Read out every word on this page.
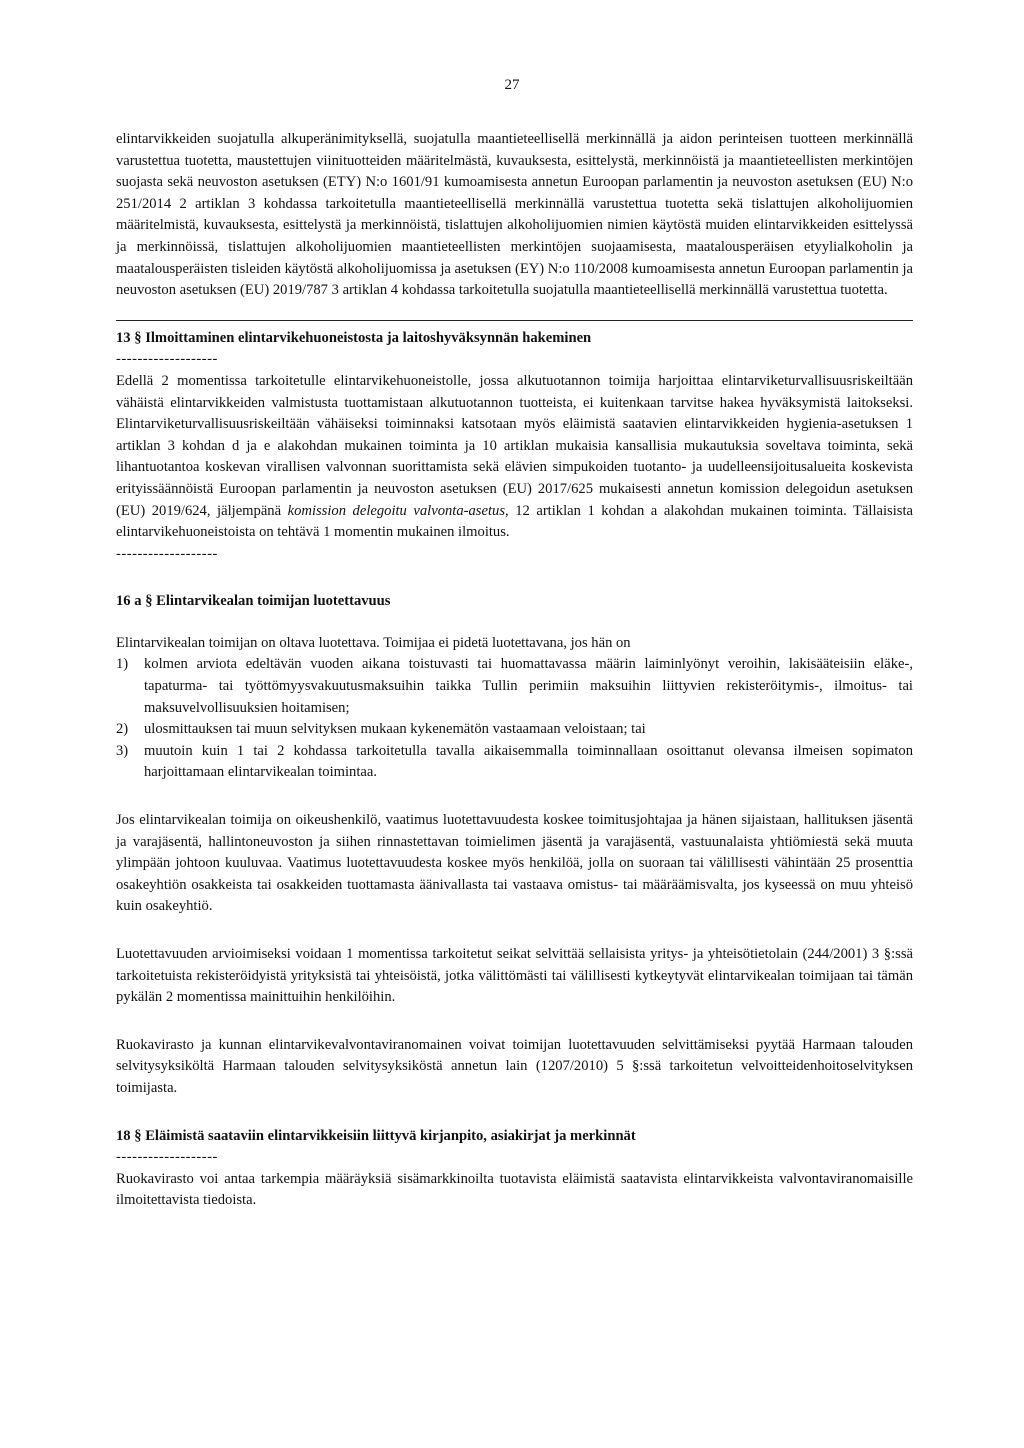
27

elintarvikkeiden suojatulla alkuperänimityksellä, suojatulla maantieteellisellä merkinnällä ja aidon perinteisen tuotteen merkinnällä varustettua tuotetta, maustettujen viinituotteiden määritelmästä, kuvauksesta, esittelystä, merkinnöistä ja maantieteellisten merkintöjen suojasta sekä neuvoston asetuksen (ETY) N:o 1601/91 kumoamisesta annetun Euroopan parlamentin ja neuvoston asetuksen (EU) N:o 251/2014 2 artiklan 3 kohdassa tarkoitetulla maantieteellisellä merkinnällä varustettua tuotetta sekä tislattujen alkoholijuomien määritelmistä, kuvauksesta, esittelystä ja merkinnöistä, tislattujen alkoholijuomien nimien käytöstä muiden elintarvikkeiden esittelyssä ja merkinnöissä, tislattujen alkoholijuomien maantieteellisten merkintöjen suojaamisesta, maatalousperäisen etyylialkoholin ja maatalousperäisten tisleiden käytöstä alkoholijuomissa ja asetuksen (EY) N:o 110/2008 kumoamisesta annetun Euroopan parlamentin ja neuvoston asetuksen (EU) 2019/787 3 artiklan 4 kohdassa tarkoitetulla suojatulla maantieteellisellä merkinnällä varustettua tuotetta.

13 § Ilmoittaminen elintarvikehuoneistosta ja laitoshyväksynnän hakeminen

-------------------

Edellä 2 momentissa tarkoitetulle elintarvikehuoneistolle, jossa alkutuotannon toimija harjoittaa elintarviketurvallisuusriskeiltään vähäistä elintarvikkeiden valmistusta tuottamistaan alkutuotannon tuotteista, ei kuitenkaan tarvitse hakea hyväksymistä laitokseksi. Elintarviketurvallisuusriskeiltään vähäiseksi toiminnaksi katsotaan myös eläimistä saatavien elintarvikkeiden hygienia-asetuksen 1 artiklan 3 kohdan d ja e alakohdan mukainen toiminta ja 10 artiklan mukaisia kansallisia mukautuksia soveltava toiminta, sekä lihantuotantoa koskevan virallisen valvonnan suorittamista sekä elävien simpukoiden tuotanto- ja uudelleensijoitusalueita koskevista erityissäännöistä Euroopan parlamentin ja neuvoston asetuksen (EU) 2017/625 mukaisesti annetun komission delegoidun asetuksen (EU) 2019/624, jäljempänä komission delegoitu valvonta-asetus, 12 artiklan 1 kohdan a alakohdan mukainen toiminta. Tällaisista elintarvikehuoneistoista on tehtävä 1 momentin mukainen ilmoitus.

-------------------

16 a § Elintarvikealan toimijan luotettavuus

Elintarvikealan toimijan on oltava luotettava. Toimijaa ei pidetä luotettavana, jos hän on

1)	kolmen arviota edeltävän vuoden aikana toistuvasti tai huomattavassa määrin laiminlyönyt veroihin, lakisääteisiin eläke-, tapaturma- tai työttömyysvakuutusmaksuihin taikka Tullin perimiin maksuihin liittyvien rekisteröitymis-, ilmoitus- tai maksuvelvollisuuksien hoitamisen;
2)	ulosmittauksen tai muun selvityksen mukaan kykenemätön vastaamaan veloistaan; tai
3)	muutoin kuin 1 tai 2 kohdassa tarkoitetulla tavalla aikaisemmalla toiminnallaan osoittanut olevansa ilmeisen sopimaton harjoittamaan elintarvikealan toimintaa.

Jos elintarvikealan toimija on oikeushenkilö, vaatimus luotettavuudesta koskee toimitusjohtajaa ja hänen sijaistaan, hallituksen jäsentä ja varajäsentä, hallintoneuvoston ja siihen rinnastettavan toimielimen jäsentä ja varajäsentä, vastuunalaista yhtiömiestä sekä muuta ylimpään johtoon kuuluvaa. Vaatimus luotettavuudesta koskee myös henkilöä, jolla on suoraan tai välillisesti vähintään 25 prosenttia osakeyhtiön osakkeista tai osakkeiden tuottamasta äänivallasta tai vastaava omistus- tai määräämisvalta, jos kyseessä on muu yhteisö kuin osakeyhtiö.

Luotettavuuden arvioimiseksi voidaan 1 momentissa tarkoitetut seikat selvittää sellaisista yritys- ja yhteisötietolain (244/2001) 3 §:ssä tarkoitetuista rekisteröidyistä yrityksistä tai yhteisöistä, jotka välittömästi tai välillisesti kytkeytyvät elintarvikealan toimijaan tai tämän pykälän 2 momentissa mainittuihin henkilöihin.

Ruokavirasto ja kunnan elintarvikevalvontaviranomainen voivat toimijan luotettavuuden selvittämiseksi pyytää Harmaan talouden selvitysyksiköltä Harmaan talouden selvitysyksiköstä annetun lain (1207/2010) 5 §:ssä tarkoitetun velvoitteidenhoitoselvityksen toimijasta.

18 § Eläimistä saataviin elintarvikkeisiin liittyvä kirjanpito, asiakirjat ja merkinnät

-------------------

Ruokavirasto voi antaa tarkempia määräyksiä sisämarkkinoilta tuotavista eläimistä saatavista elintarvikkeista valvontaviranomaisille ilmoitettavista tiedoista.
